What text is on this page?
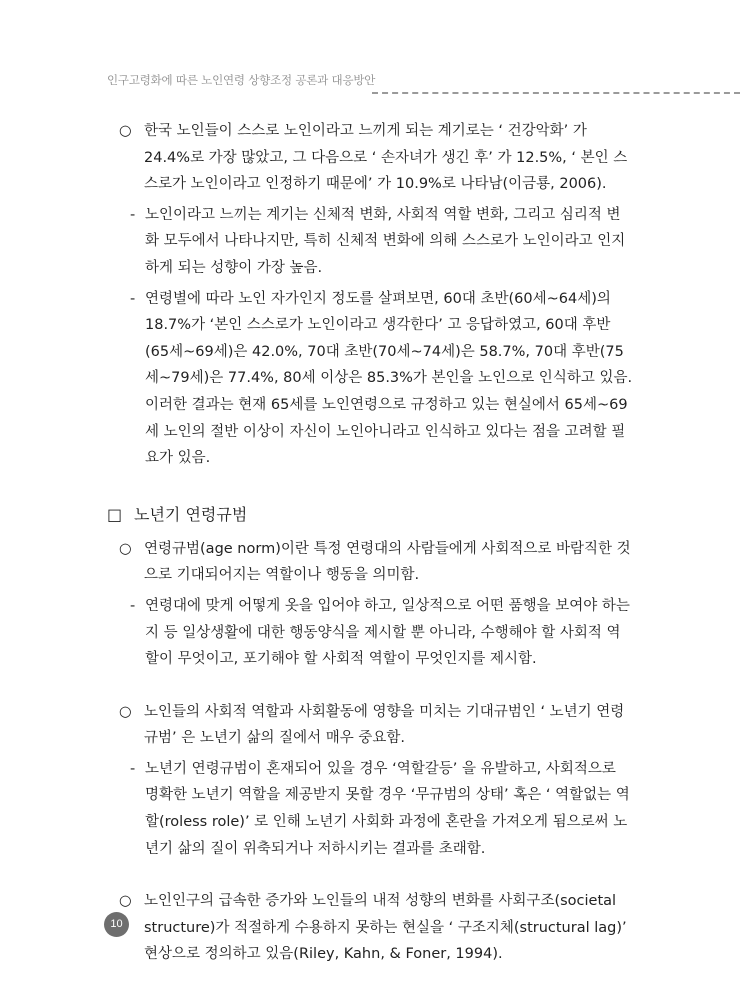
인구고령화에 따른 노인연령 상향조정 공론과 대응방안
○ 한국 노인들이 스스로 노인이라고 느끼게 되는 계기로는 ‘ 건강악화’ 가 24.4%로 가장 많았고, 그 다음으로 ‘ 손자녀가 생긴 후’ 가 12.5%, ‘ 본인 스스로가 노인이라고 인정하기 때문에’ 가 10.9%로 나타남(이금룡, 2006).
- 노인이라고 느끼는 계기는 신체적 변화, 사회적 역할 변화, 그리고 심리적 변화 모두에서 나타나지만, 특히 신체적 변화에 의해 스스로가 노인이라고 인지하게 되는 성향이 가장 높음.
- 연령별에 따라 노인 자가인지 정도를 살펴보면, 60대 초반(60세~64세)의 18.7%가 ‘본인 스스로가 노인이라고 생각한다’ 고 응답하였고, 60대 후반(65세~69세)은 42.0%, 70대 초반(70세~74세)은 58.7%, 70대 후반(75세~79세)은 77.4%, 80세 이상은 85.3%가 본인을 노인으로 인식하고 있음. 이러한 결과는 현재 65세를 노인연령으로 규정하고 있는 현실에서 65세~69세 노인의 절반 이상이 자신이 노인아니라고 인식하고 있다는 점을 고려할 필요가 있음.
□ 노년기 연령규범
○ 연령규범(age norm)이란 특정 연령대의 사람들에게 사회적으로 바람직한 것으로 기대되어지는 역할이나 행동을 의미함.
- 연령대에 맞게 어떻게 옷을 입어야 하고, 일상적으로 어떤 품행을 보여야 하는지 등 일상생활에 대한 행동양식을 제시할 뿐 아니라, 수행해야 할 사회적 역할이 무엇이고, 포기해야 할 사회적 역할이 무엇인지를 제시함.
○ 노인들의 사회적 역할과 사회활동에 영향을 미치는 기대규범인 ‘ 노년기 연령규범’ 은 노년기 삶의 질에서 매우 중요함.
- 노년기 연령규범이 혼재되어 있을 경우 ‘역할갈등’ 을 유발하고, 사회적으로 명확한 노년기 역할을 제공받지 못할 경우 ‘무규범의 상태’ 혹은 ‘ 역할없는 역할(roless role)’ 로 인해 노년기 사회화 과정에 혼란을 가져오게 됨으로써 노년기 삶의 질이 위축되거나 저하시키는 결과를 초래함.
○ 노인인구의 급속한 증가와 노인들의 내적 성향의 변화를 사회구조(societal structure)가 적절하게 수용하지 못하는 현실을 ‘ 구조지체(structural lag)’ 현상으로 정의하고 있음(Riley, Kahn, & Foner, 1994).
10
